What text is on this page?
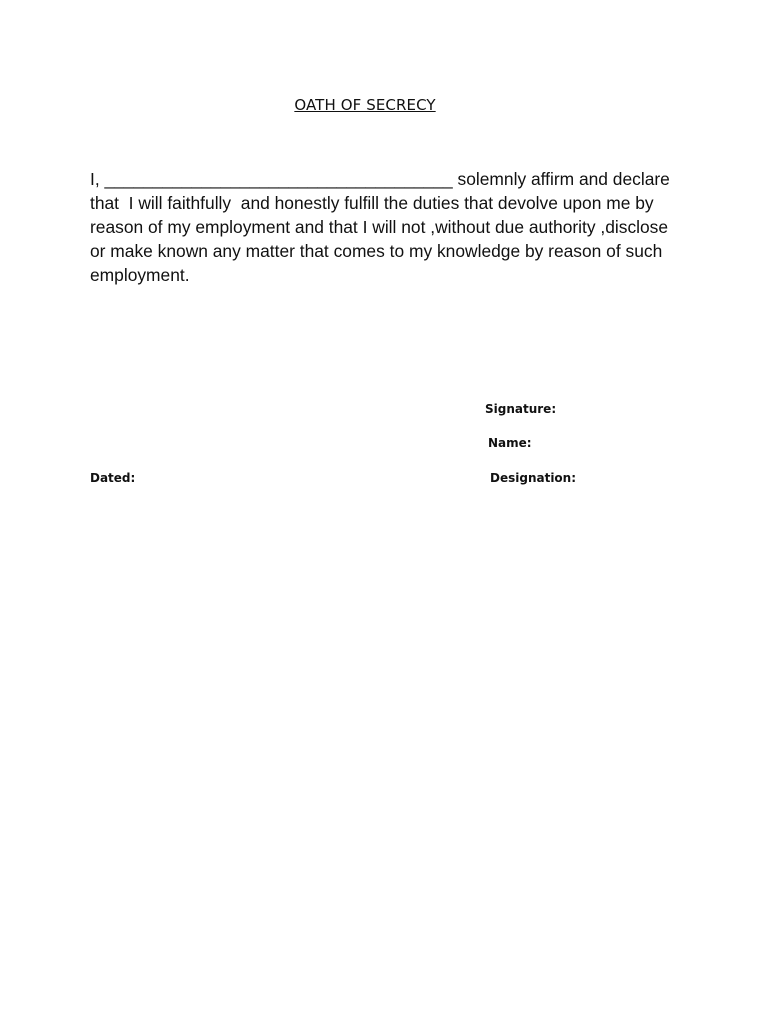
OATH OF SECRECY
I, ____________________________________ solemnly affirm and declare
that  I will faithfully  and honestly fulfill the duties that devolve upon me by
reason of my employment and that I will not ,without due authority ,disclose
or make known any matter that comes to my knowledge by reason of such
employment.
Signature:
Name:
Dated:	Designation:
